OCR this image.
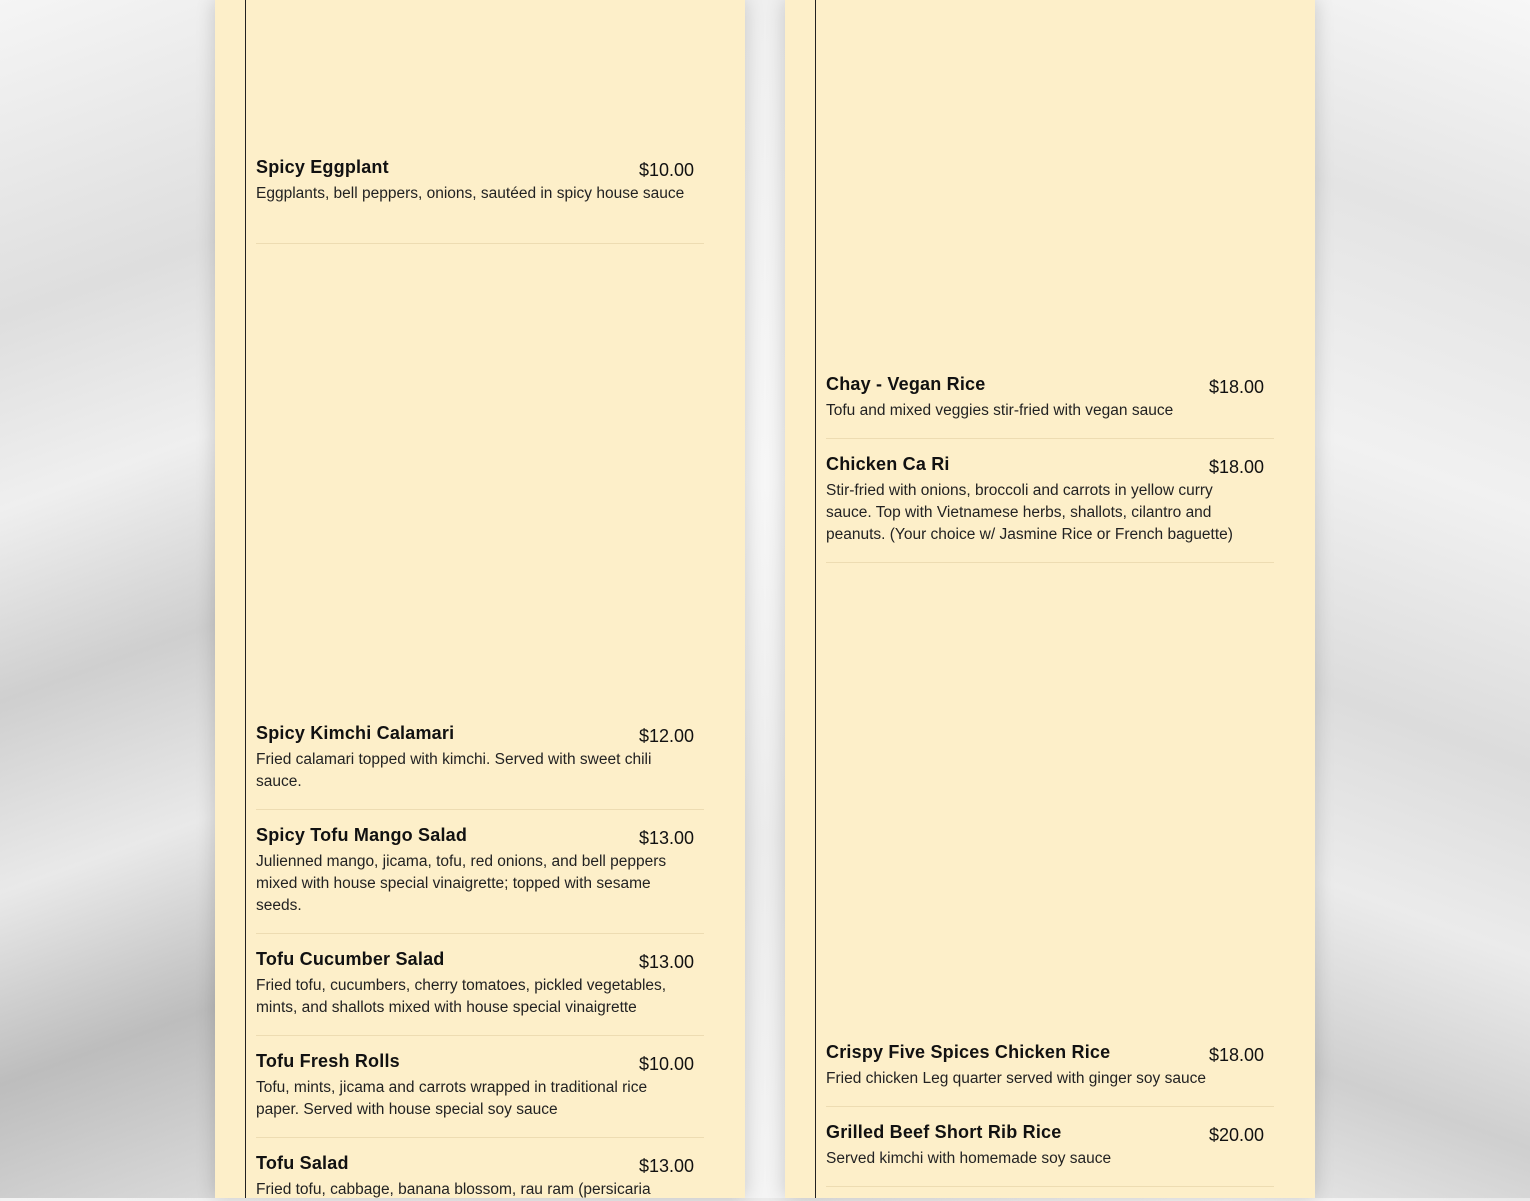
Spicy Eggplant	$10.00
Eggplants, bell peppers, onions, sautéed in spicy house sauce
Spicy Kimchi Calamari	$12.00
Fried calamari topped with kimchi. Served with sweet chili sauce.
Spicy Tofu Mango Salad	$13.00
Julienned mango, jicama, tofu, red onions, and bell peppers mixed with house special vinaigrette; topped with sesame seeds.
Tofu Cucumber Salad	$13.00
Fried tofu, cucumbers, cherry tomatoes, pickled vegetables, mints, and shallots mixed with house special vinaigrette
Tofu Fresh Rolls	$10.00
Tofu, mints, jicama and carrots wrapped in traditional rice paper. Served with house special soy sauce
Tofu Salad	$13.00
Fried tofu, cabbage, banana blossom, rau ram (persicaria
Chay - Vegan Rice	$18.00
Tofu and mixed veggies stir-fried with vegan sauce
Chicken Ca Ri	$18.00
Stir-fried with onions, broccoli and carrots in yellow curry sauce. Top with Vietnamese herbs, shallots, cilantro and peanuts. (Your choice w/ Jasmine Rice or French baguette)
Crispy Five Spices Chicken Rice	$18.00
Fried chicken Leg quarter served with ginger soy sauce
Grilled Beef Short Rib Rice	$20.00
Served kimchi with homemade soy sauce
